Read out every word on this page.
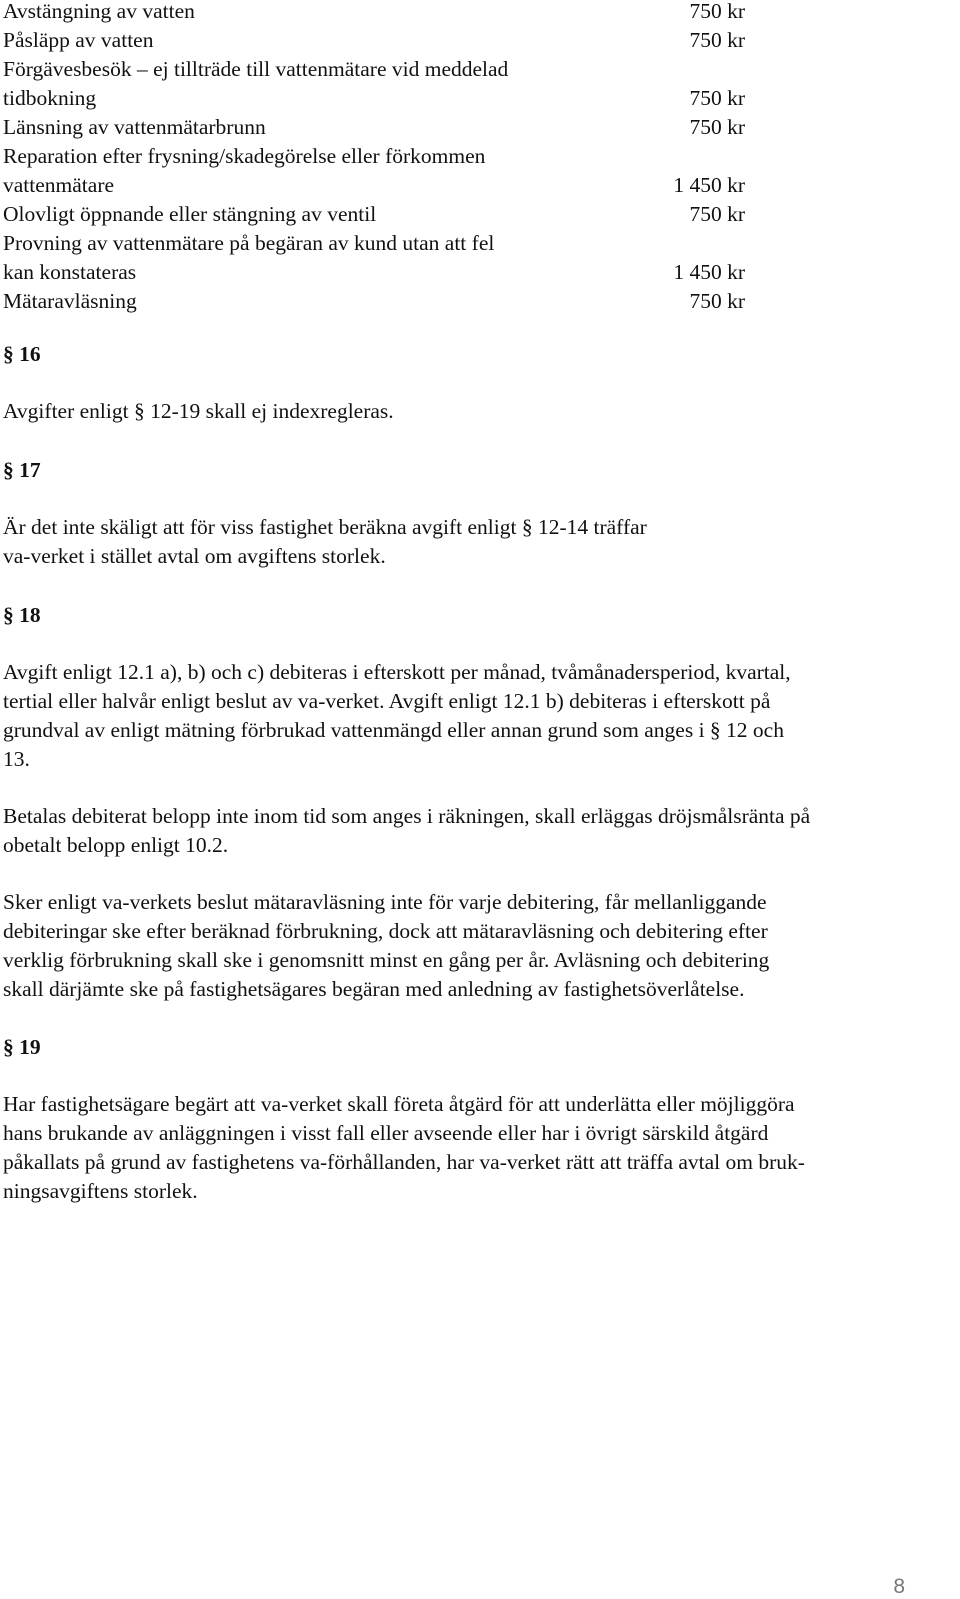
Avstängning av vatten	750 kr
Påsläpp av vatten	750 kr
Förgävesbesök – ej tillträde till vattenmätare vid meddelad
tidbokning	750 kr
Länsning av vattenmätarbrunn	750 kr
Reparation efter frysning/skadegörelse eller förkommen
vattenmätare	1 450 kr
Olovligt öppnande eller stängning av ventil	750 kr
Provning av vattenmätare på begäran av kund utan att fel
kan konstateras	1 450 kr
Mätaravläsning	750 kr
§ 16
Avgifter enligt § 12-19 skall ej indexregleras.
§ 17
Är det inte skäligt att för viss fastighet beräkna avgift enligt § 12-14 träffar
va-verket i stället avtal om avgiftens storlek.
§ 18
Avgift enligt 12.1 a), b) och c) debiteras i efterskott per månad, tvåmånadersperiod, kvartal,
tertial eller halvår enligt beslut av va-verket. Avgift enligt 12.1 b) debiteras i efterskott på
grundval av enligt mätning förbrukad vattenmängd eller annan grund som anges i § 12 och
13.
Betalas debiterat belopp inte inom tid som anges i räkningen, skall erläggas dröjsmålsränta på
obetalt belopp enligt 10.2.
Sker enligt va-verkets beslut mätaravläsning inte för varje debitering, får mellanliggande
debiteringar ske efter beräknad förbrukning, dock att mätaravläsning och debitering efter
verklig förbrukning skall ske i genomsnitt minst en gång per år. Avläsning och debitering
skall därjämte ske på fastighetsägares begäran med anledning av fastighetsöverlåtelse.
§ 19
Har fastighetsägare begärt att va-verket skall företa åtgärd för att underlätta eller möjliggöra
hans brukande av anläggningen i visst fall eller avseende eller har i övrigt särskild åtgärd
påkallats på grund av fastighetens va-förhållanden, har va-verket rätt att träffa avtal om bruk-
ningsavgiftens storlek.
8
